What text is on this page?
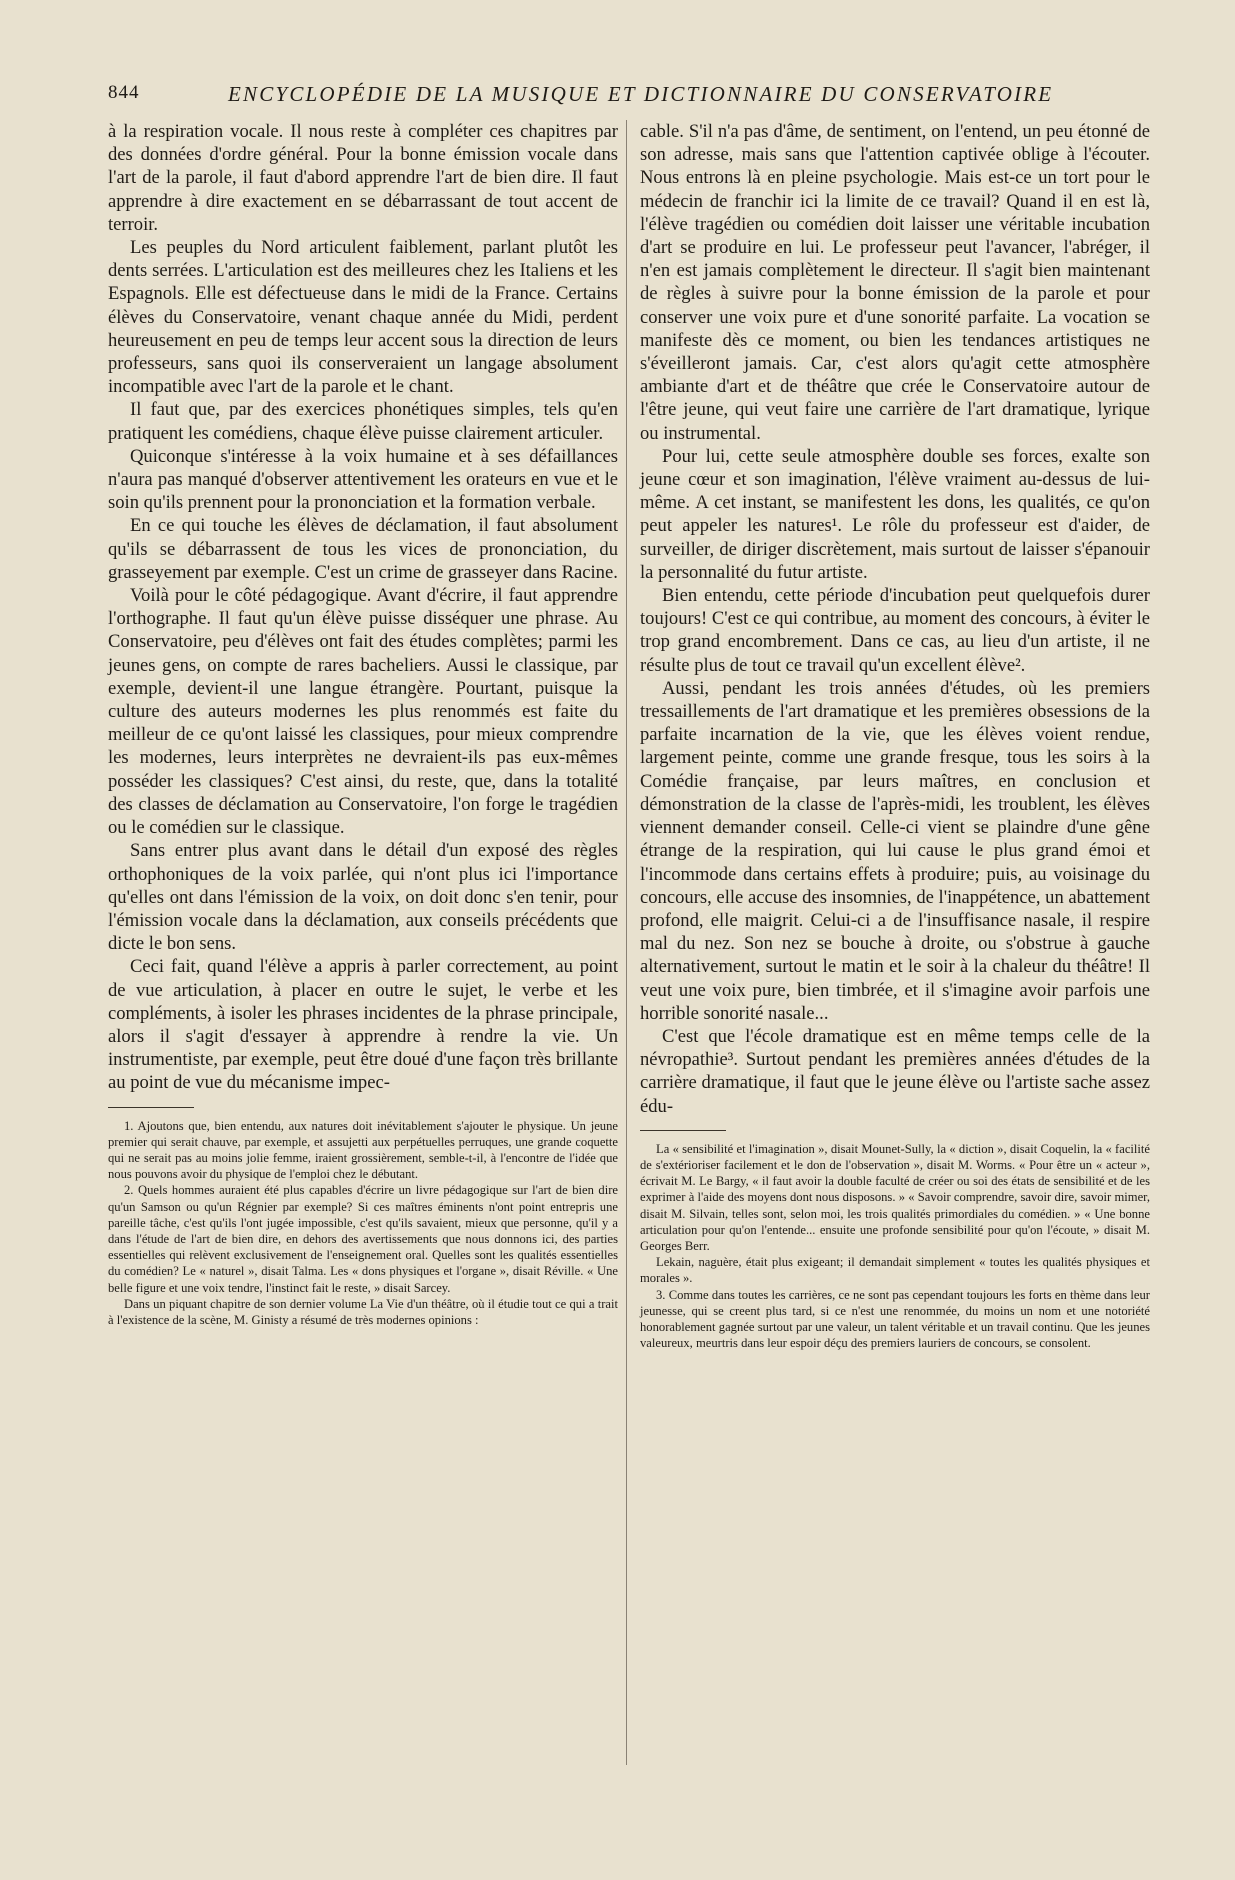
844	ENCYCLOPÉDIE DE LA MUSIQUE ET DICTIONNAIRE DU CONSERVATOIRE

à la respiration vocale. Il nous reste à compléter ces chapitres par des données d'ordre général. Pour la bonne émission vocale dans l'art de la parole, il faut d'abord apprendre l'art de bien dire. Il faut apprendre à dire exactement en se débarrassant de tout accent de terroir.

Les peuples du Nord articulent faiblement, parlant plutôt les dents serrées. L'articulation est des meilleures chez les Italiens et les Espagnols. Elle est défectueuse dans le midi de la France. Certains élèves du Conservatoire, venant chaque année du Midi, perdent heureusement en peu de temps leur accent sous la direction de leurs professeurs, sans quoi ils conserveraient un langage absolument incompatible avec l'art de la parole et le chant.

Il faut que, par des exercices phonétiques simples, tels qu'en pratiquent les comédiens, chaque élève puisse clairement articuler.

Quiconque s'intéresse à la voix humaine et à ses défaillances n'aura pas manqué d'observer attentivement les orateurs en vue et le soin qu'ils prennent pour la prononciation et la formation verbale.

En ce qui touche les élèves de déclamation, il faut absolument qu'ils se débarrassent de tous les vices de prononciation, du grasseyement par exemple. C'est un crime de grasseyer dans Racine.

Voilà pour le côté pédagogique. Avant d'écrire, il faut apprendre l'orthographe. Il faut qu'un élève puisse disséquer une phrase. Au Conservatoire, peu d'élèves ont fait des études complètes; parmi les jeunes gens, on compte de rares bacheliers. Aussi le classique, par exemple, devient-il une langue étrangère. Pourtant, puisque la culture des auteurs modernes les plus renommés est faite du meilleur de ce qu'ont laissé les classiques, pour mieux comprendre les modernes, leurs interprètes ne devraient-ils pas eux-mêmes posséder les classiques? C'est ainsi, du reste, que, dans la totalité des classes de déclamation au Conservatoire, l'on forge le tragédien ou le comédien sur le classique.

Sans entrer plus avant dans le détail d'un exposé des règles orthophoniques de la voix parlée, qui n'ont plus ici l'importance qu'elles ont dans l'émission de la voix, on doit donc s'en tenir, pour l'émission vocale dans la déclamation, aux conseils précédents que dicte le bon sens.

Ceci fait, quand l'élève a appris à parler correctement, au point de vue articulation, à placer en outre le sujet, le verbe et les compléments, à isoler les phrases incidentes de la phrase principale, alors il s'agit d'essayer à apprendre à rendre la vie. Un instrumentiste, par exemple, peut être doué d'une façon très brillante au point de vue du mécanisme impec-

1. Ajoutons que, bien entendu, aux natures doit inévitablement s'ajouter le physique. Un jeune premier qui serait chauve, par exemple, et assujetti aux perpétuelles perruques, une grande coquette qui ne serait pas au moins jolie femme, iraient grossièrement, semble-t-il, à l'encontre de l'idée que nous pouvons avoir du physique de l'emploi chez le débutant.

2. Quels hommes auraient été plus capables d'écrire un livre pédagogique sur l'art de bien dire qu'un Samson ou qu'un Régnier par exemple? Si ces maîtres éminents n'ont point entrepris une pareille tâche, c'est qu'ils l'ont jugée impossible, c'est qu'ils savaient, mieux que personne, qu'il y a dans l'étude de l'art de bien dire, en dehors des avertissements que nous donnons ici, des parties essentielles qui relèvent exclusivement de l'enseignement oral. Quelles sont les qualités essentielles du comédien? Le « naturel », disait Talma. Les « dons physiques et l'organe », disait Réville. « Une belle figure et une voix tendre, l'instinct fait le reste, » disait Sarcey.

Dans un piquant chapitre de son dernier volume La Vie d'un théâtre, où il étudie tout ce qui a trait à l'existence de la scène, M. Ginisty a résumé de très modernes opinions :

cable. S'il n'a pas d'âme, de sentiment, on l'entend, un peu étonné de son adresse, mais sans que l'attention captivée oblige à l'écouter. Nous entrons là en pleine psychologie. Mais est-ce un tort pour le médecin de franchir ici la limite de ce travail? Quand il en est là, l'élève tragédien ou comédien doit laisser une véritable incubation d'art se produire en lui. Le professeur peut l'avancer, l'abréger, il n'en est jamais complètement le directeur. Il s'agit bien maintenant de règles à suivre pour la bonne émission de la parole et pour conserver une voix pure et d'une sonorité parfaite. La vocation se manifeste dès ce moment, ou bien les tendances artistiques ne s'éveilleront jamais. Car, c'est alors qu'agit cette atmosphère ambiante d'art et de théâtre que crée le Conservatoire autour de l'être jeune, qui veut faire une carrière de l'art dramatique, lyrique ou instrumental.

Pour lui, cette seule atmosphère double ses forces, exalte son jeune cœur et son imagination, l'élève vraiment au-dessus de lui-même. A cet instant, se manifestent les dons, les qualités, ce qu'on peut appeler les natures¹. Le rôle du professeur est d'aider, de surveiller, de diriger discrètement, mais surtout de laisser s'épanouir la personnalité du futur artiste.

Bien entendu, cette période d'incubation peut quelquefois durer toujours! C'est ce qui contribue, au moment des concours, à éviter le trop grand encombrement. Dans ce cas, au lieu d'un artiste, il ne résulte plus de tout ce travail qu'un excellent élève².

Aussi, pendant les trois années d'études, où les premiers tressaillements de l'art dramatique et les premières obsessions de la parfaite incarnation de la vie, que les élèves voient rendue, largement peinte, comme une grande fresque, tous les soirs à la Comédie française, par leurs maîtres, en conclusion et démonstration de la classe de l'après-midi, les troublent, les élèves viennent demander conseil. Celle-ci vient se plaindre d'une gêne étrange de la respiration, qui lui cause le plus grand émoi et l'incommode dans certains effets à produire; puis, au voisinage du concours, elle accuse des insomnies, de l'inappétence, un abattement profond, elle maigrit. Celui-ci a de l'insuffisance nasale, il respire mal du nez. Son nez se bouche à droite, ou s'obstrue à gauche alternativement, surtout le matin et le soir à la chaleur du théâtre! Il veut une voix pure, bien timbrée, et il s'imagine avoir parfois une horrible sonorité nasale...

C'est que l'école dramatique est en même temps celle de la névropathie³. Surtout pendant les premières années d'études de la carrière dramatique, il faut que le jeune élève ou l'artiste sache assez édu-

La « sensibilité et l'imagination », disait Mounet-Sully, la « diction », disait Coquelin, la « facilité de s'extérioriser facilement et le don de l'observation », disait M. Worms. « Pour être un « acteur », écrivait M. Le Bargy, « il faut avoir la double faculté de créer ou soi des états de sensibilité et de les exprimer à l'aide des moyens dont nous disposons. » « Savoir comprendre, savoir dire, savoir mimer, disait M. Silvain, telles sont, selon moi, les trois qualités primordiales du comédien. » « Une bonne articulation pour qu'on l'entende... ensuite une profonde sensibilité pour qu'on l'écoute, » disait M. Georges Berr.

Lekain, naguère, était plus exigeant; il demandait simplement « toutes les qualités physiques et morales ».

3. Comme dans toutes les carrières, ce ne sont pas cependant toujours les forts en thème dans leur jeunesse, qui se creent plus tard, si ce n'est une renommée, du moins un nom et une notoriété honorablement gagnée surtout par une valeur, un talent véritable et un travail continu. Que les jeunes valeureux, meurtris dans leur espoir déçu des premiers lauriers de concours, se consolent.
